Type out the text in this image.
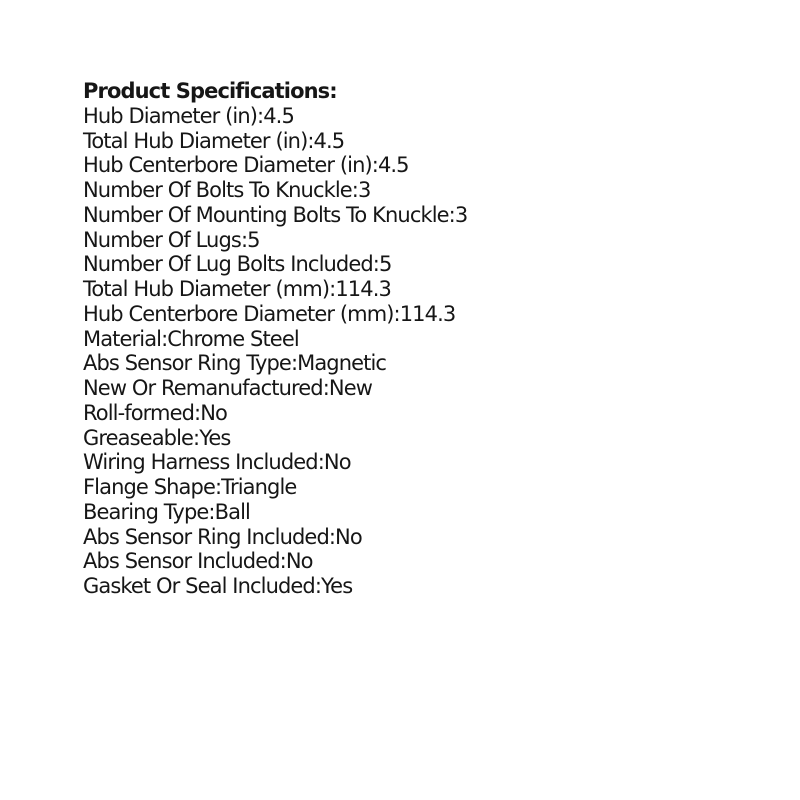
Product Specifications:
Hub Diameter (in):4.5
Total Hub Diameter (in):4.5
Hub Centerbore Diameter (in):4.5
Number Of Bolts To Knuckle:3
Number Of Mounting Bolts To Knuckle:3
Number Of Lugs:5
Number Of Lug Bolts Included:5
Total Hub Diameter (mm):114.3
Hub Centerbore Diameter (mm):114.3
Material:Chrome Steel
Abs Sensor Ring Type:Magnetic
New Or Remanufactured:New
Roll-formed:No
Greaseable:Yes
Wiring Harness Included:No
Flange Shape:Triangle
Bearing Type:Ball
Abs Sensor Ring Included:No
Abs Sensor Included:No
Gasket Or Seal Included:Yes
